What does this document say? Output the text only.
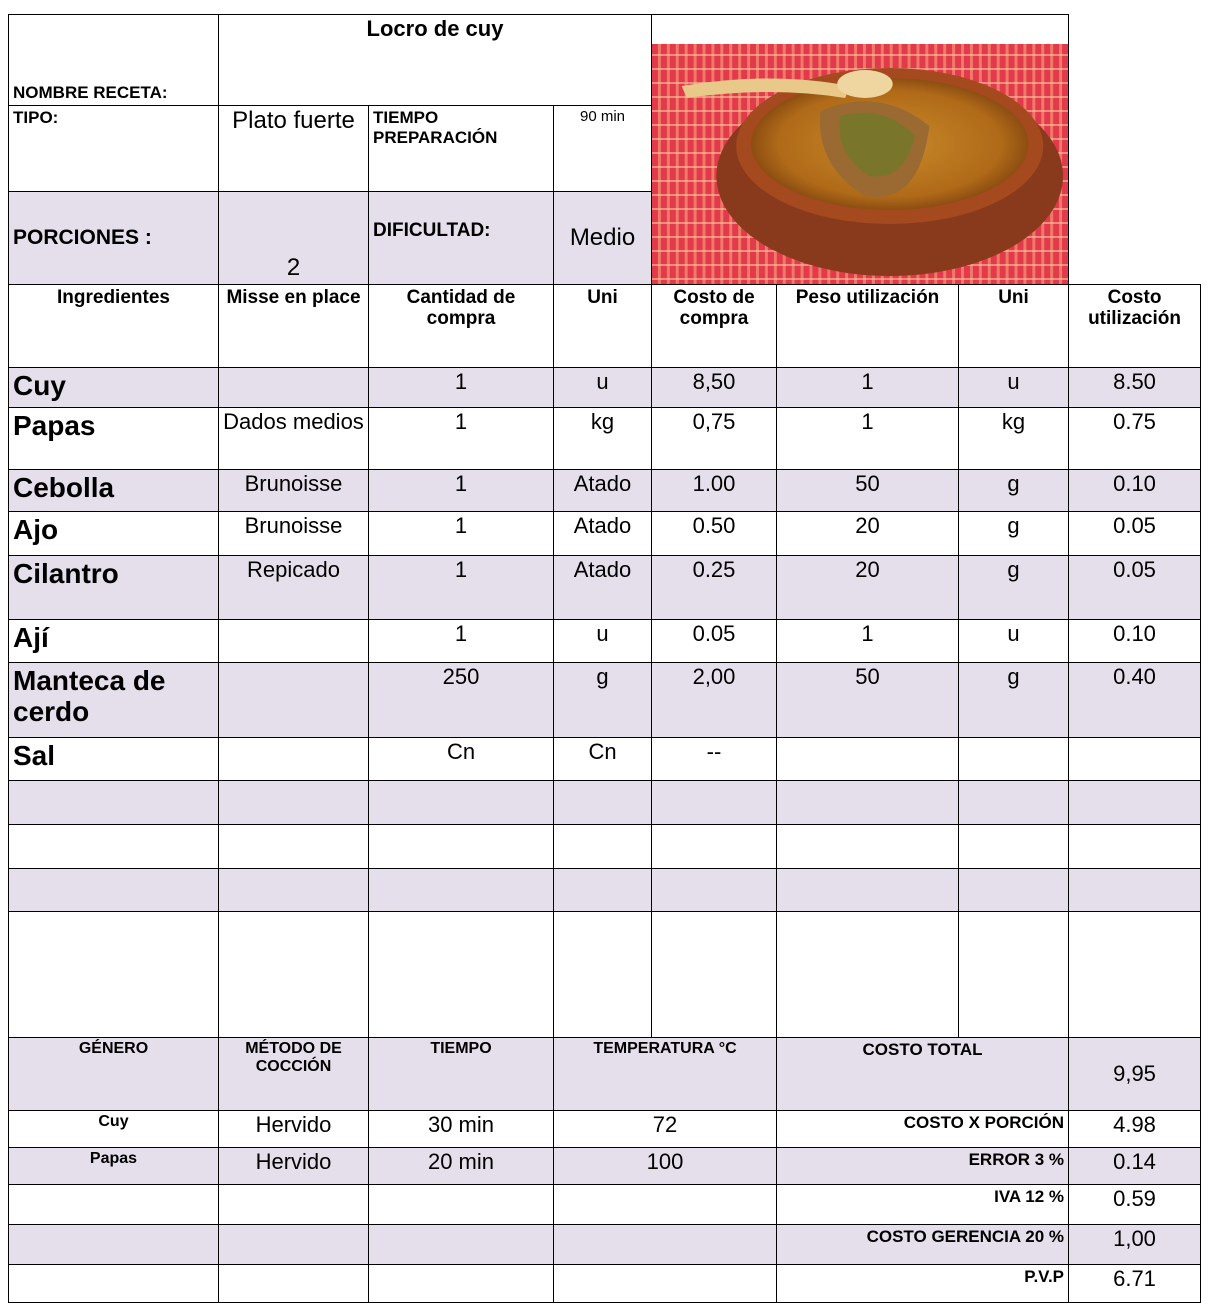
NOMBRE RECETA:	Locro de cuy	

TIPO:	Plato fuerte	TIEMPO PREPARACIÓN	90 min				
PORCIONES :	2	DIFICULTAD:	Medio				
Ingredientes	Misse en place	Cantidad de compra	Uni	Costo de compra	Peso utilización	Uni	Costo utilización
Cuy		1	u	8,50	1	u	8.50
Papas	Dados medios	1	kg	0,75	1	kg	0.75
Cebolla	Brunoisse	1	Atado	1.00	50	g	0.10
Ajo	Brunoisse	1	Atado	0.50	20	g	0.05
Cilantro	Repicado	1	Atado	0.25	20	g	0.05
Ají		1	u	0.05	1	u	0.10
Manteca de cerdo		250	g	2,00	50	g	0.40
Sal		Cn	Cn	--			

GÉNERO	MÉTODO DE COCCIÓN	TIEMPO	TEMPERATURA °C		COSTO TOTAL		9,95
Cuy	Hervido	30 min	72		COSTO X PORCIÓN		4.98
Papas	Hervido	20 min	100		ERROR 3 %		0.14
					IVA 12 %		0.59
					COSTO GERENCIA 20 %		1,00
					P.V.P		6.71
